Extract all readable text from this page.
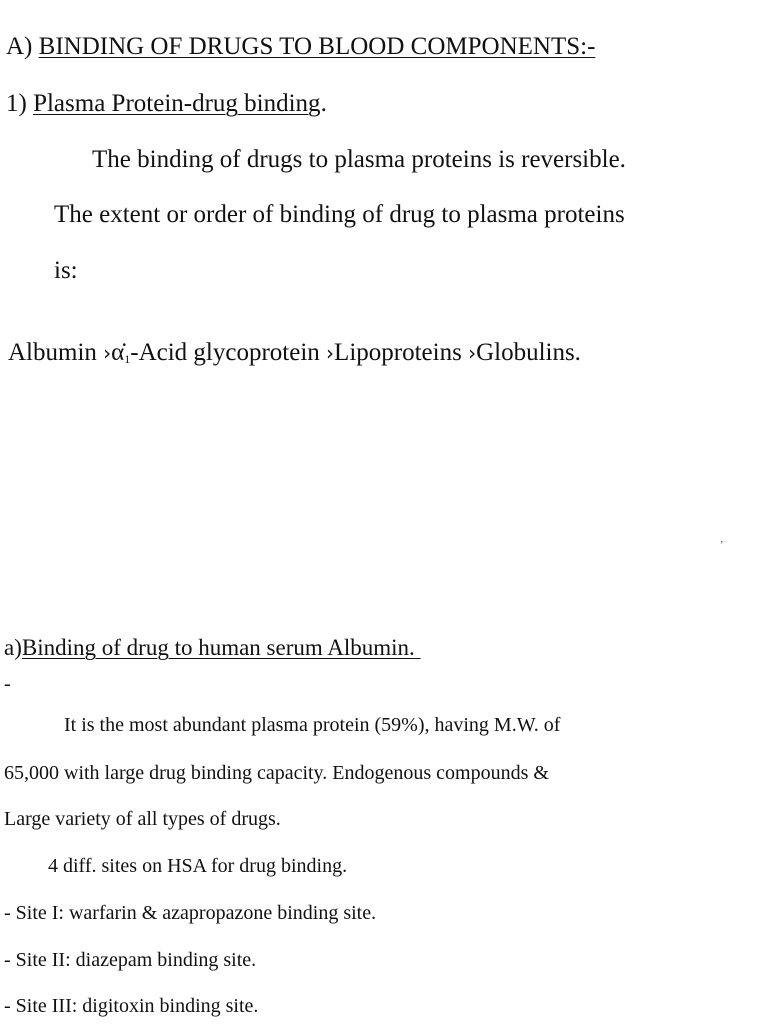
A) BINDING OF DRUGS TO BLOOD COMPONENTS:-
1) Plasma Protein-drug binding.
The binding of drugs to plasma proteins is reversible.
The extent or order of binding of drug to plasma proteins
is:
Albumin $›\alphȧ_1$-Acid glycoprotein ›Lipoproteins ›Globulins.
’
a)Binding of drug to human serum Albumin.
-
It is the most abundant plasma protein (59%), having M.W. of
65,000 with large drug binding capacity. Endogenous compounds &
Large variety of all types of drugs.
4 diff. sites on HSA for drug binding.
- Site I: warfarin & azapropazone binding site.
- Site II: diazepam binding site.
- Site III: digitoxin binding site.
